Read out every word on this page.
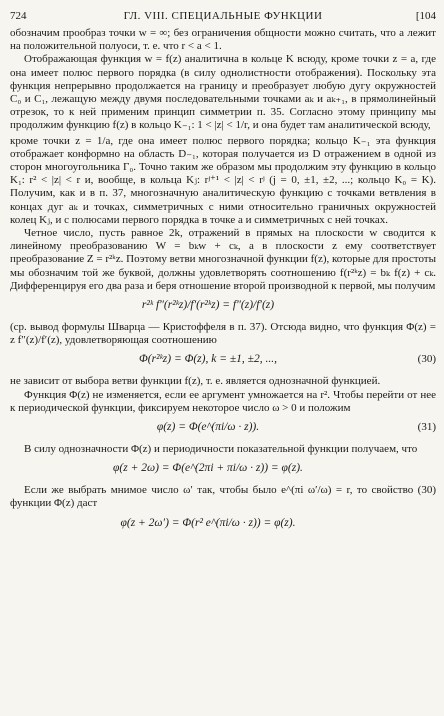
724	ГЛ. VIII. СПЕЦИАЛЬНЫЕ ФУНКЦИИ	[104

обозначим прообраз точки w = ∞; без ограничения общности можно считать, что a лежит на положительной полуоси, т. е. что r < a < 1.

Отображающая функция w = f(z) аналитична в кольце K всюду, кроме точки z = a, где она имеет полюс первого порядка (в силу однолистности отображения). Поскольку эта функция непрерывно продолжается на границу и преобразует любую дугу окружностей C₀ и C₁, лежащую между двумя последовательными точками aₖ и aₖ₊₁, в прямолинейный отрезок, то к ней применим принцип симметрии п. 35. Согласно этому принципу мы продолжим функцию f(z) в кольцо K₋₁: 1 < |z| < 1/r, и она будет там аналитической всюду,

кроме точки z = 1/a, где она имеет полюс первого порядка; кольцо K₋₁ эта функция отображает конформно на область D₋₁, которая получается из D отражением в одной из сторон многоугольника Γ₀. Точно таким же образом мы продолжим эту функцию в кольцо K₁: r² < |z| < r и, вообще, в кольца Kⱼ: rʲ⁺¹ < |z| < rʲ (j = 0, ±1, ±2, ...; кольцо K₀ = K). Получим, как и в п. 37, многозначную аналитическую функцию с точками ветвления в концах дуг aₖ и точках, симметричных с ними относительно граничных окружностей колец Kⱼ, и с полюсами первого порядка в точке a и симметричных с ней точках.

Четное число, пусть равное 2k, отражений в прямых на плоскости w сводится к линейному преобразованию W = bₖw + cₖ, а в плоскости z ему соответствует преобразование Z = r²ᵏz. Поэтому ветви многозначной функции f(z), которые для простоты мы обозначим той же буквой, должны удовлетворять соотношению f(r²ᵏz) = bₖ f(z) + cₖ. Дифференцируя его два раза и беря отношение второй производной к первой, мы получим

r²ᵏ f″(r²ᵏz)/f′(r²ᵏz) = f″(z)/f′(z)

(ср. вывод формулы Шварца — Кристоффеля в п. 37). Отсюда видно, что функция Φ(z) = z f″(z)/f′(z), удовлетворяющая соотношению

Φ(r²ᵏz) = Φ(z), k = ±1, ±2, ...,	(30)

не зависит от выбора ветви функции f(z), т. е. является однозначной функцией.

Функция Φ(z) не изменяется, если ее аргумент умножается на r². Чтобы перейти от нее к периодической функции, фиксируем некоторое число ω > 0 и положим

φ(z) = Φ(e^(πi/ω · z)).	(31)

В силу однозначности Φ(z) и периодичности показательной функции получаем, что

φ(z + 2ω) = Φ(e^(2πi + πi/ω · z)) = φ(z).

Если же выбрать мнимое число ω′ так, чтобы было e^(πi ω′/ω) = r, то свойство (30) функции Φ(z) даст

φ(z + 2ω′) = Φ(r² e^(πi/ω · z)) = φ(z).
